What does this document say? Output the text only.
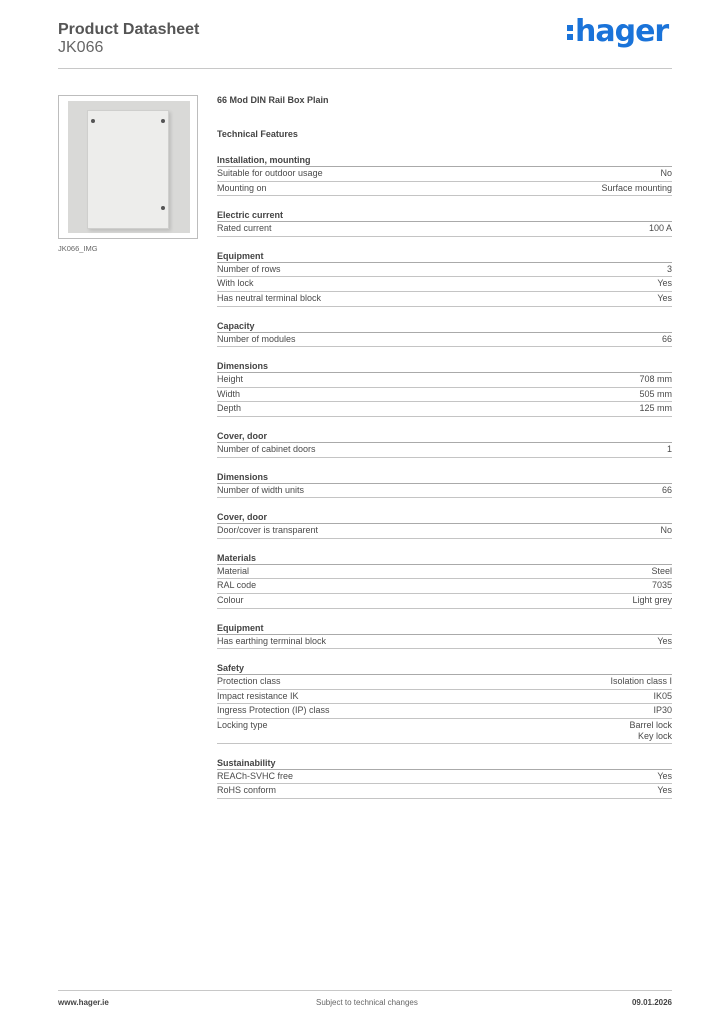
Product Datasheet
JK066	hager
JK066_IMG
66 Mod DIN Rail Box Plain
Technical Features
Installation, mounting
Suitable for outdoor usage	No
Mounting on	Surface mounting
Electric current
Rated current	100 A
Equipment
Number of rows	3
With lock	Yes
Has neutral terminal block	Yes
Capacity
Number of modules	66
Dimensions
Height	708 mm
Width	505 mm
Depth	125 mm
Cover, door
Number of cabinet doors	1
Dimensions
Number of width units	66
Cover, door
Door/cover is transparent	No
Materials
Material	Steel
RAL code	7035
Colour	Light grey
Equipment
Has earthing terminal block	Yes
Safety
Protection class	Isolation class I
Impact resistance IK	IK05
Ingress Protection (IP) class	IP30
Locking type	Barrel lock
Key lock
Sustainability
REACh-SVHC free	Yes
RoHS conform	Yes
www.hager.ie	Subject to technical changes	09.01.2026
